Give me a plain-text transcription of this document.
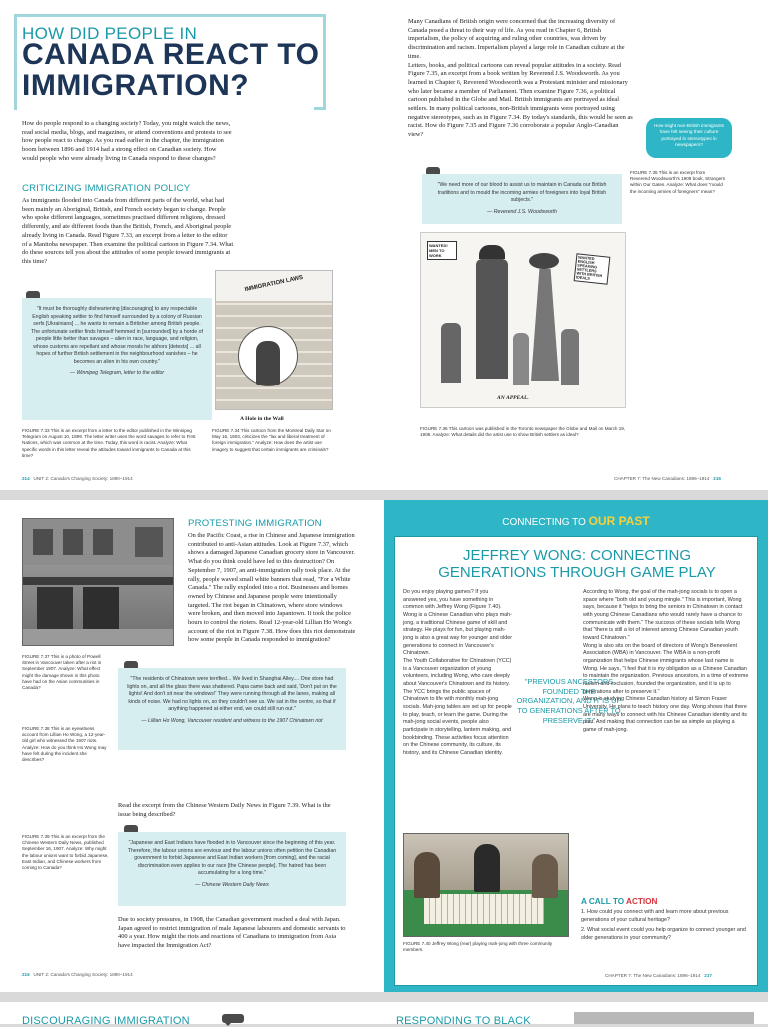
HOW DID PEOPLE IN
CANADA REACT TO
IMMIGRATION?
How do people respond to a changing society? Today, you might watch the news, read social media, blogs, and magazines, or attend conventions and protests to see how people react to change. As you read earlier in the chapter, the immigration boom between 1896 and 1914 had a strong effect on Canadian society. How would people who were already living in Canada respond to these changes?
CRITICIZING IMMIGRATION POLICY
As immigrants flooded into Canada from different parts of the world, what had been mainly an Aboriginal, British, and French society began to change. People who spoke different languages, sometimes practised different religions, dressed differently, and ate different foods than the British, French, and Aboriginal people already living in Canada. Read Figure 7.33, an excerpt from a letter to the editor of a Manitoba newspaper. Then examine the political cartoon in Figure 7.34. What do these sources tell you about the attitudes of some people toward immigrants at this time?
"It must be thoroughly disheartening [discouraging] to any respectable English speaking settler to find himself surrounded by a colony of Russian serfs [Ukrainians] ... he wants to remain a Britisher among British people. The unfortunate settler finds himself hemmed in [surrounded] by a horde of people little better than savages – alien in race, language, and religion, whose customs are repellant and whose morals he abhors [detests] ... all hopes of further British settlement in the neighbourhood vanishes – he becomes an alien in his own country."
— Winnipeg Telegram, letter to the editor
IMMIGRATION LAWS
A Hole in the Wall
FIGURE 7.33 This is an excerpt from a letter to the editor published in the Winnipeg Telegram on August 10, 1899. The letter writer uses the word savages to refer to First Nations, which was common at the time. Today, this word is racist. Analyze: What specific words in this letter reveal the attitudes toward immigrants to Canada at this time?
FIGURE 7.34 This cartoon from the Montreal Daily Star on May 16, 1903, criticizes the "lax and liberal treatment of foreign immigration." Analyze: How does the artist use imagery to suggest that certain immigrants are criminals?
214 UNIT 2: Canada's Changing Society: 1890–1914
Many Canadians of British origin were concerned that the increasing diversity of Canada posed a threat to their way of life. As you read in Chapter 6, British imperialism, the policy of acquiring and ruling other countries, was driven by discrimination and racism. Imperialism played a large role in Canadian culture at the time.
Letters, books, and political cartoons can reveal popular attitudes in a society. Read Figure 7.35, an excerpt from a book written by Reverend J.S. Woodsworth. As you learned in Chapter 6, Reverend Woodsworth was a Protestant minister and missionary who later became a member of Parliament. Then examine Figure 7.36, a political cartoon published in the Globe and Mail. British immigrants are portrayed as ideal settlers. In many political cartoons, non-British immigrants were portrayed using negative stereotypes, such as in Figure 7.34. By today's standards, this would be seen as racist. How do Figure 7.35 and Figure 7.36 corroborate a popular Anglo-Canadian view?
How might non-British immigrants have felt seeing their culture portrayed in stereotypes in newspapers?
"We need more of our blood to assist us to maintain in Canada our British traditions and to mould the incoming armies of foreigners into loyal British subjects."
— Reverend J.S. Woodsworth
FIGURE 7.35 This is an excerpt from Reverend Woodsworth's 1909 book, Strangers within Our Gates. Analyze: What does "mould the incoming armies of foreigners" mean?
WANTED! MEN TO WORK	WANTED ENGLISH SPEAKING SETTLERS WITH BRITISH IDEALS
AN APPEAL.
FIGURE 7.36 This cartoon was published in the Toronto newspaper the Globe and Mail on March 19, 1908. Analyze: What details did the artist use to show British settlers as ideal?
CHAPTER 7: The New Canadians: 1896–1914 215
PROTESTING IMMIGRATION
On the Pacific Coast, a rise in Chinese and Japanese immigration contributed to anti-Asian attitudes. Look at Figure 7.37, which shows a damaged Japanese Canadian grocery store in Vancouver. What do you think could have led to this destruction? On September 7, 1907, an anti-immigration rally took place. At the rally, people waved small white banners that read, "For a White Canada." The rally exploded into a riot. Businesses and homes owned by Chinese and Japanese people were intentionally targeted. The riot began in Chinatown, where store windows were broken, and then moved into Japantown. It took the police hours to control the rioters. Read 12-year-old Lillian Ho Wong's account of the riot in Figure 7.38. How does this riot demonstrate how some people in Canada responded to immigration?
FIGURE 7.37 This is a photo of Powell Street in Vancouver taken after a riot in September 1907. Analyze: What effect might the damage shown in this photo have had on the Asian communities in Canada?
"The residents of Chinatown were terrified... We lived in Shanghai Alley.... One store had lights on, and all the glass there was shattered. Papa came back and said, 'Don't put on the lights! And don't sit near the windows!' They were running through all the lanes, making all kinds of noise. We had no lights on, so they couldn't see us. We sat in the centre, so that if anything happened at either end, we could still run out."
— Lillian Ho Wong, Vancouver resident and witness to the 1907 Chinatown riot
FIGURE 7.38 This is an eyewitness account from Lillian Ho Wong, a 12-year-old girl who witnessed the 1907 riots. Analyze: How do you think Ho Wong may have felt during the incident she describes?
Read the excerpt from the Chinese Western Daily News in Figure 7.39. What is the issue being described?
"Japanese and East Indians have flooded in to Vancouver since the beginning of this year. Therefore, the labour unions are envious and the labour unions often petition the Canadian government to forbid Japanese and East Indian workers [from coming], and the racial discrimination even applies to our race [the Chinese people]. The hatred has been accumulating for a long time."
— Chinese Western Daily News
FIGURE 7.39 This is an excerpt from the Chinese Western Daily News, published September 16, 1907. Analyze: Why might the labour unions want to forbid Japanese, East Indian, and Chinese workers from coming to Canada?
Due to society pressures, in 1908, the Canadian government reached a deal with Japan. Japan agreed to restrict immigration of male Japanese labourers and domestic servants to 400 a year. How might the riots and reactions of Canadians to immigration from Asia have impacted the Immigration Act?
216 UNIT 2: Canada's Changing Society: 1890–1914
CONNECTING TO OUR PAST
JEFFREY WONG: CONNECTING GENERATIONS THROUGH GAME PLAY
Do you enjoy playing games? If you answered yes, you have something in common with Jeffrey Wong (Figure 7.40). Wong is a Chinese Canadian who plays mah-jong, a traditional Chinese game of skill and strategy. He plays for fun, but playing mah-jong is also a great way for younger and older generations to connect in Vancouver's Chinatown.
The Youth Collaborative for Chinatown (YCC) is a Vancouver organization of young volunteers, including Wong, who care deeply about Vancouver's Chinatown and its history. The YCC brings the public spaces of Chinatown to life with monthly mah-jong socials. Mah-jong tables are set up for people to play, teach, or learn the game. During the mah-jong social events, people also participate in storytelling, lantern making, and bookbinding. These activities focus attention on the Chinese community, its culture, its history, and its Chinese Canadian identity.
"PREVIOUS ANCESTORS FOUNDED THE ORGANIZATION, AND IT IS UP TO GENERATIONS AFTER TO PRESERVE IT."
According to Wong, the goal of the mah-jong socials is to open a space where "both old and young mingle." This is important, Wong says, because it "helps to bring the seniors in Chinatown in contact with young Chinese Canadians who would rarely have a chance to communicate with them." The success of these socials tells Wong that "there is still a lot of interest among Chinese Canadian youth toward Chinatown."
Wong is also sits on the board of directors of Wong's Benevolent Association (WBA) in Vancouver. The WBA is a non-profit organization that helps Chinese immigrants whose last name is Wong. He says, "I feel that it is my obligation as a Chinese Canadian to maintain the organization. Previous ancestors, in a time of extreme racism and exclusion, founded the organization, and it is up to generations after to preserve it."
Wong is studying Chinese Canadian history at Simon Fraser University. He plans to teach history one day. Wong shows that there are many ways to connect with his Chinese Canadian identity and its past. And making that connection can be as simple as playing a game of mah-jong.
FIGURE 7.40 Jeffrey Wong (rear) playing mah-jong with three community members.
A CALL TO ACTION
1. How could you connect with and learn more about previous generations of your cultural heritage?
2. What social event could you help organize to connect younger and older generations in your community?
CHAPTER 7: The New Canadians: 1896–1914 217
DISCOURAGING IMMIGRATION	RESPONDING TO BLACK
